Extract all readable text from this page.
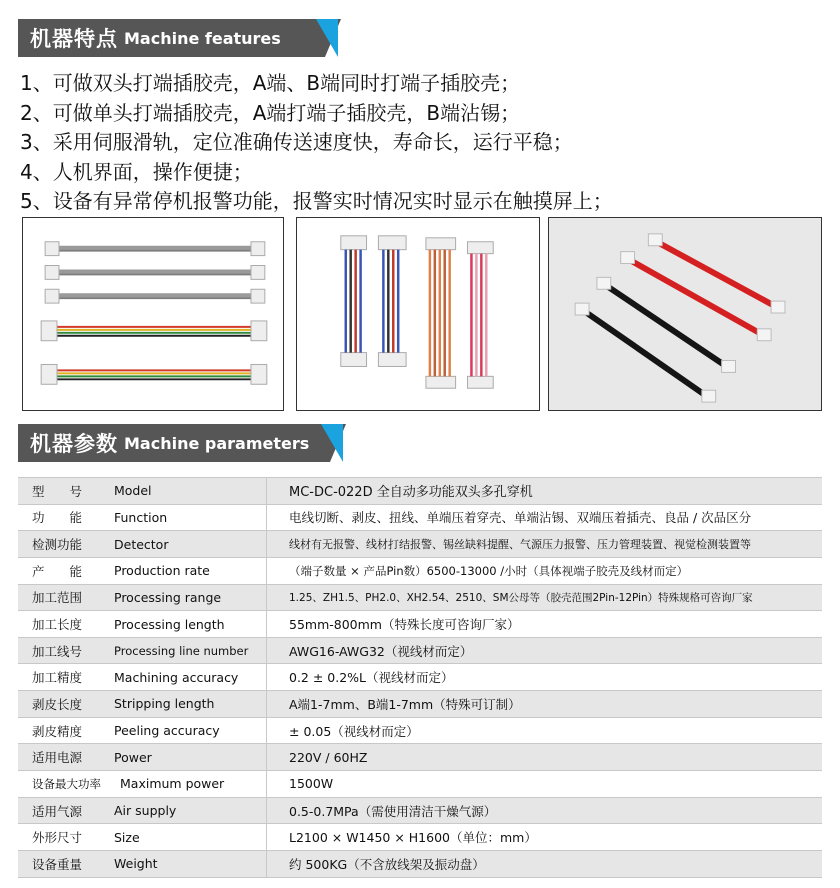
机器特点 Machine features
1、可做双头打端插胶壳，A端、B端同时打端子插胶壳；
2、可做单头打端插胶壳，A端打端子插胶壳，B端沾锡；
3、采用伺服滑轨，定位准确传送速度快，寿命长，运行平稳；
4、人机界面，操作便捷；
5、设备有异常停机报警功能，报警实时情况实时显示在触摸屏上；
机器参数 Machine parameters
型　　号	Model	MC-DC-022D 全自动多功能双头多孔穿机
功　　能	Function	电线切断、剥皮、扭线、单端压着穿壳、单端沾锡、双端压着插壳、良品 / 次品区分
检测功能	Detector	线材有无报警、线材打结报警、锡丝缺料提醒、气源压力报警、压力管理装置、视觉检测装置等
产　　能	Production rate	（端子数量 × 产品Pin数）6500-13000 /小时（具体视端子胶壳及线材而定）
加工范围	Processing range	1.25、ZH1.5、PH2.0、XH2.54、2510、SM公母等（胶壳范围2Pin-12Pin）特殊规格可咨询厂家
加工长度	Processing length	55mm-800mm（特殊长度可咨询厂家）
加工线号	Processing line number	AWG16-AWG32（视线材而定）
加工精度	Machining accuracy	0.2 ± 0.2%L（视线材而定）
剥皮长度	Stripping length	A端1-7mm、B端1-7mm（特殊可订制）
剥皮精度	Peeling accuracy	± 0.05（视线材而定）
适用电源	Power	220V / 60HZ
设备最大功率	Maximum power	1500W
适用气源	Air supply	0.5-0.7MPa（需使用清洁干燥气源）
外形尺寸	Size	L2100 × W1450 × H1600（单位：mm）
设备重量	Weight	约 500KG（不含放线架及振动盘）
